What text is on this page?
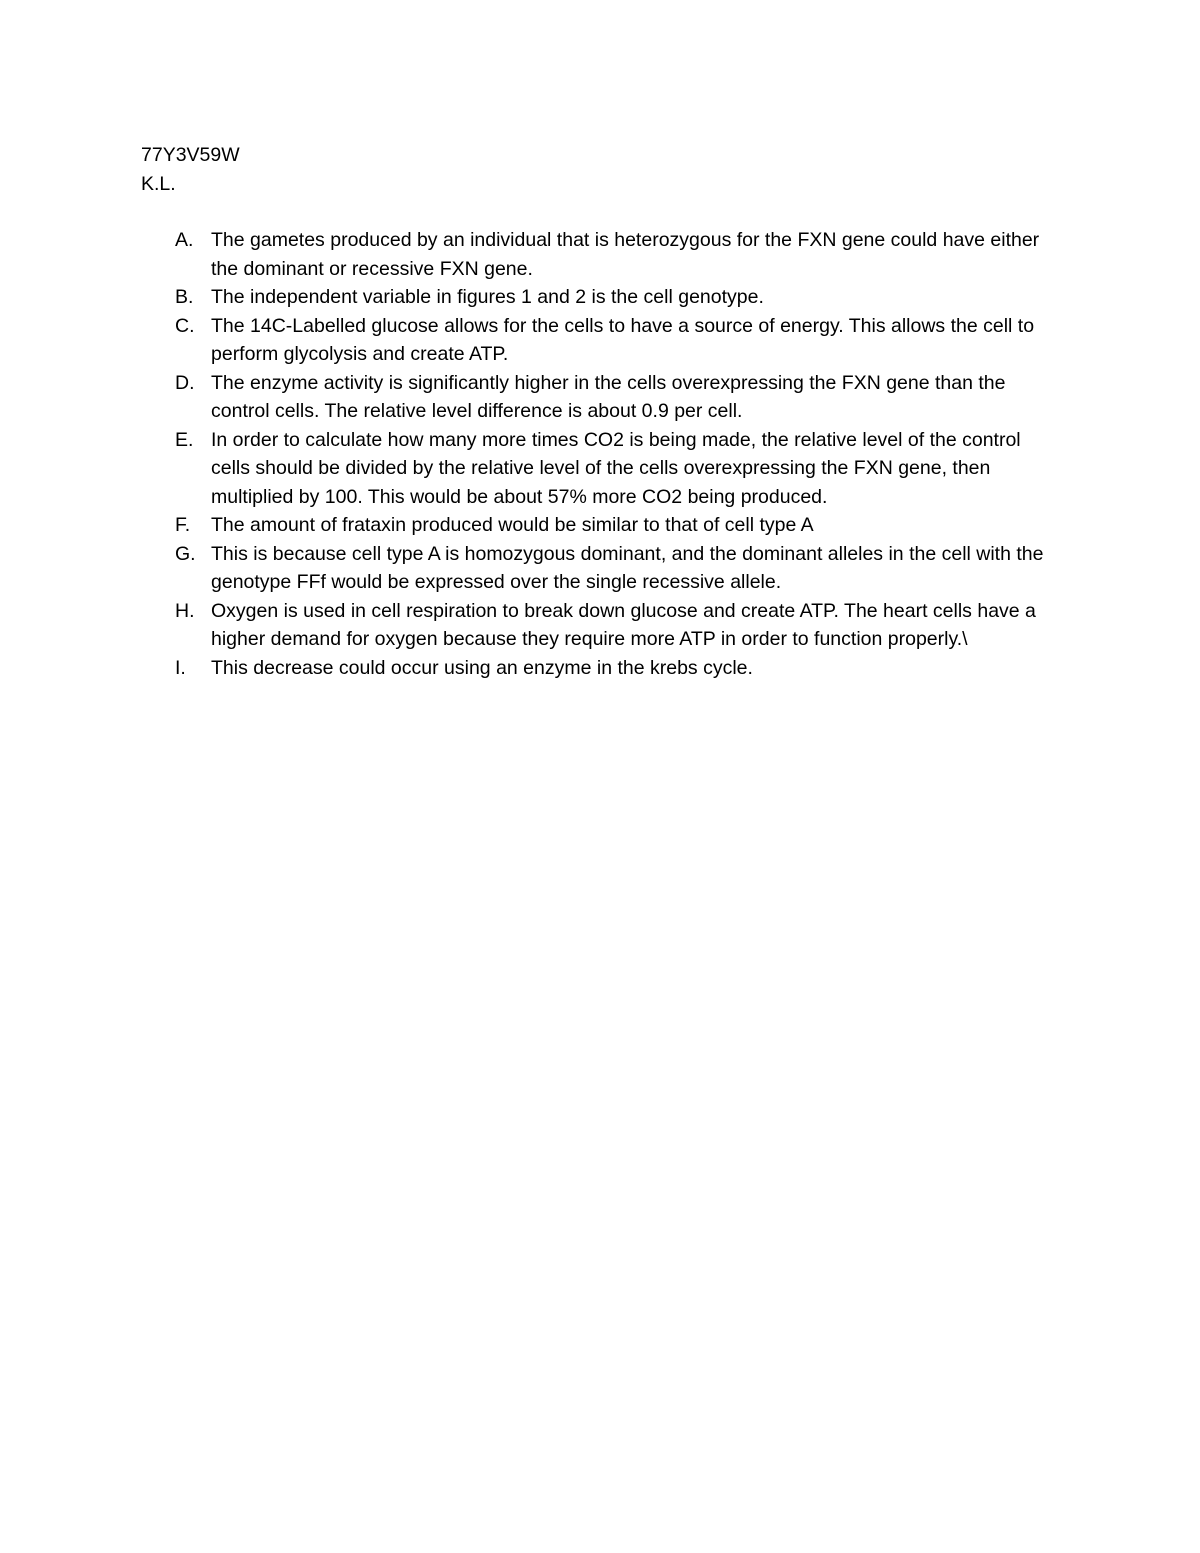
77Y3V59W
K.L.
A. The gametes produced by an individual that is heterozygous for the FXN gene could have either the dominant or recessive FXN gene.
B. The independent variable in figures 1 and 2 is the cell genotype.
C. The 14C-Labelled glucose allows for the cells to have a source of energy. This allows the cell to perform glycolysis and create ATP.
D. The enzyme activity is significantly higher in the cells overexpressing the FXN gene than the control cells. The relative level difference is about 0.9 per cell.
E. In order to calculate how many more times CO2 is being made, the relative level of the control cells should be divided by the relative level of the cells overexpressing the FXN gene, then multiplied by 100. This would be about 57% more CO2 being produced.
F. The amount of frataxin produced would be similar to that of cell type A
G. This is because cell type A is homozygous dominant, and the dominant alleles in the cell with the genotype FFf would be expressed over the single recessive allele.
H. Oxygen is used in cell respiration to break down glucose and create ATP. The heart cells have a higher demand for oxygen because they require more ATP in order to function properly.\
I. This decrease could occur using an enzyme in the krebs cycle.
